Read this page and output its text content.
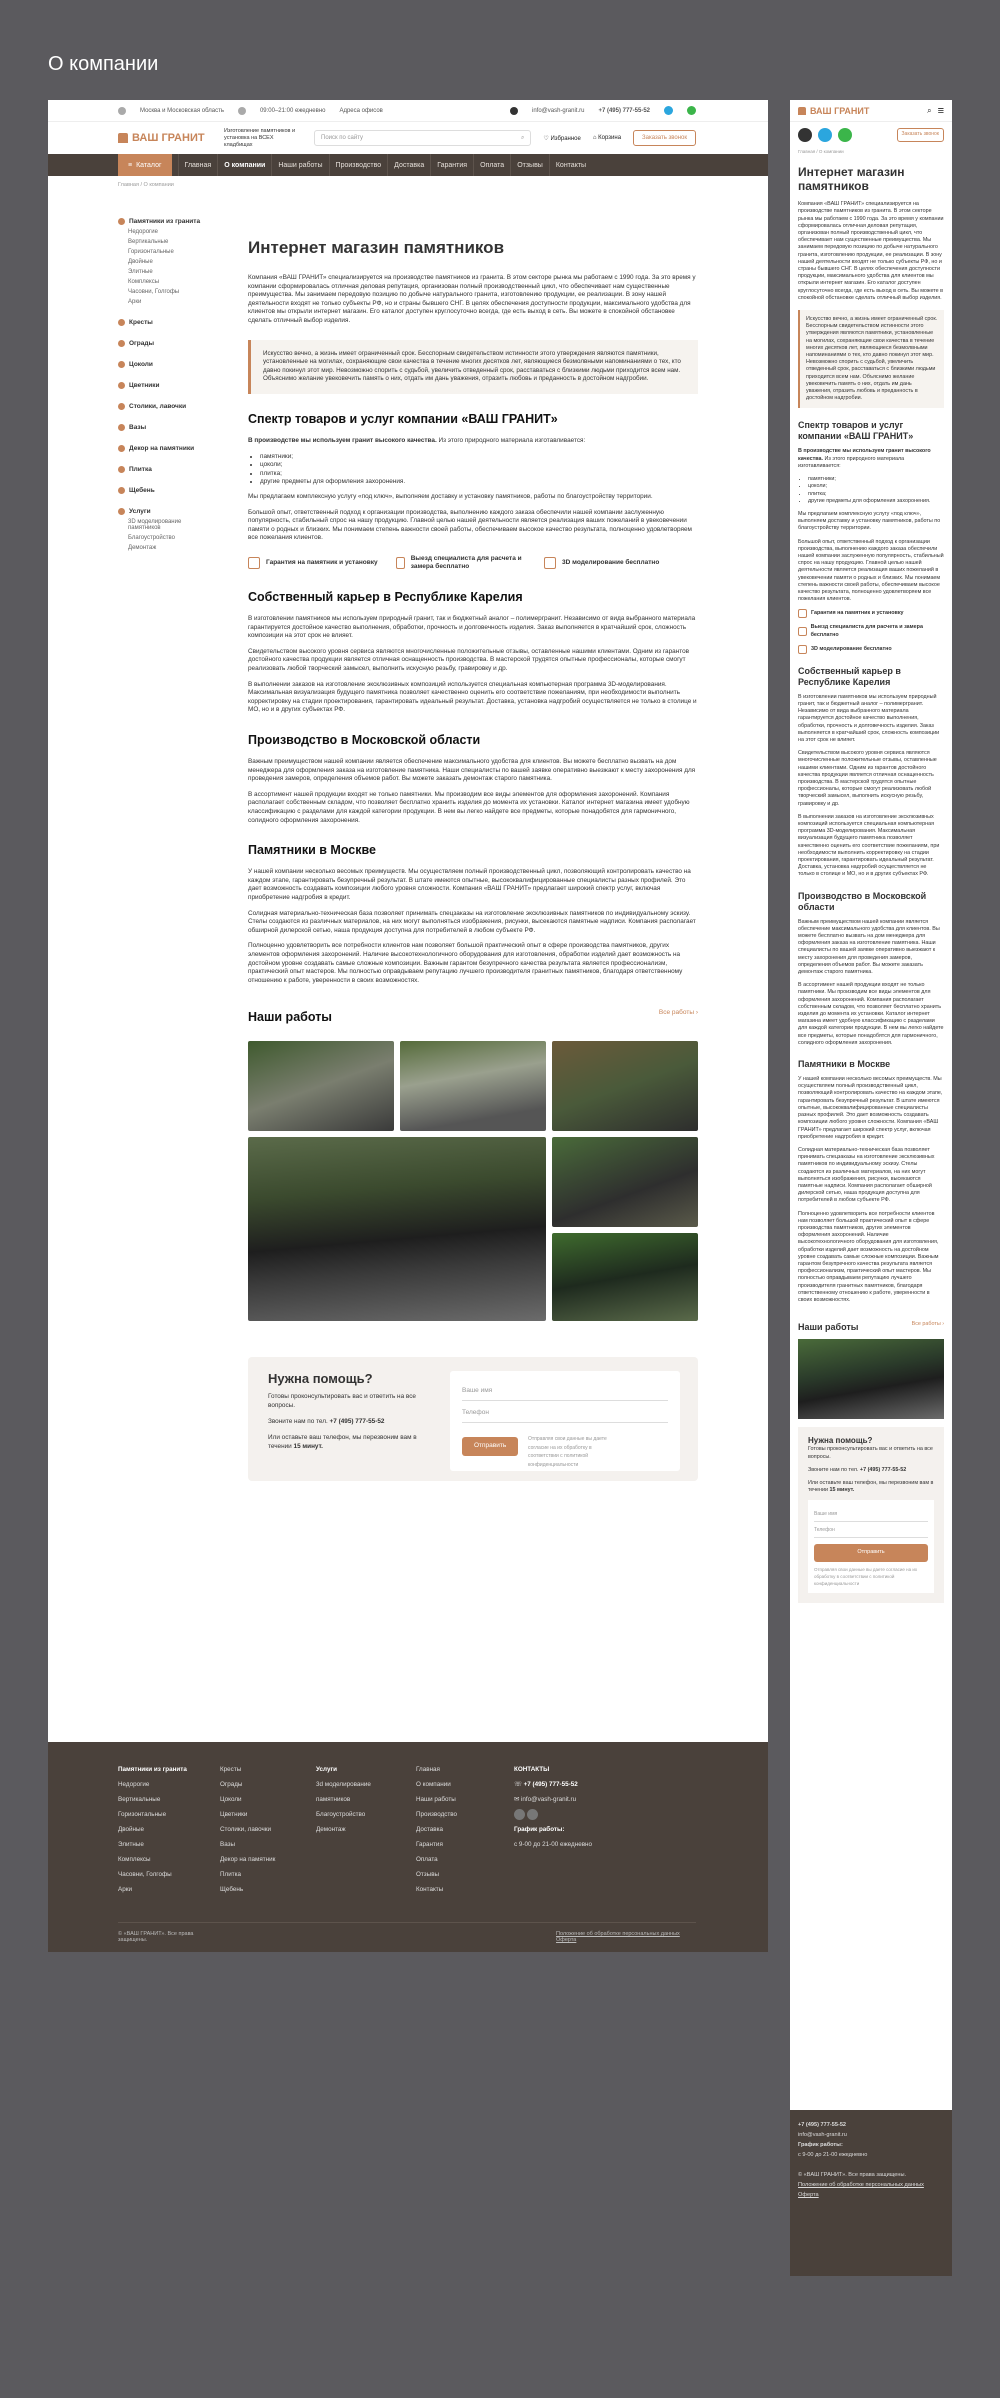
О компании
Москва и Московская область	09:00–21:00 ежедневно Адреса офисов	info@vash-granit.ru +7 (495) 777-55-52
ВАШ ГРАНИТ
Изготовление памятников и установка на ВСЕХ кладбищах
Поиск по сайту	⌕	♡ Избранное ⌂ Корзина	Заказать звонок
≡ Каталог	Главная	О компании	Наши работы	Производство	Доставка	Гарантия	Оплата	Отзывы	Контакты
Главная / О компании
Памятники из гранита
Недорогие
Вертикальные
Горизонтальные
Двойные
Элитные
Комплексы
Часовни, Голгофы
Арки
Кресты
Ограды
Цоколи
Цветники
Столики, лавочки
Вазы
Декор на памятники
Плитка
Щебень
Услуги
3D моделирование памятников
Благоустройство
Демонтаж
Интернет магазин памятников

Компания «ВАШ ГРАНИТ» специализируется на производстве памятников из гранита. В этом секторе рынка мы работаем с 1990 года. За это время у компании сформировалась отличная деловая репутация, организован полный производственный цикл, что обеспечивает нам существенные преимущества. Мы занимаем передовую позицию по добыче натурального гранита, изготовлению продукции, ее реализации. В зону нашей деятельности входят не только субъекты РФ, но и страны бывшего СНГ. В целях обеспечения доступности продукции, максимального удобства для клиентов мы открыли интернет магазин. Его каталог доступен круглосуточно всегда, где есть выход в сеть. Вы можете в спокойной обстановке сделать отличный выбор изделия.

Искусство вечно, а жизнь имеет ограниченный срок. Бесспорным свидетельством истинности этого утверждения являются памятники, установленные на могилах, сохраняющие свои качества в течение многих десятков лет, являющиеся безмолвными напоминаниями о тех, кто давно покинул этот мир. Невозможно спорить с судьбой, увеличить отведенный срок, расставаться с близкими людьми приходится всем нам. Объяснимо желание увековечить память о них, отдать им дань уважения, отразить любовь и преданность в достойном надгробии.
Спектр товаров и услуг компании «ВАШ ГРАНИТ»

В производстве мы используем гранит высокого качества. Из этого природного материала изготавливается:

• памятники;
• цоколи;
• плитка;
• другие предметы для оформления захоронения.

Мы предлагаем комплексную услугу «под ключ», выполняем доставку и установку памятников, работы по благоустройству территории.

Большой опыт, ответственный подход к организации производства, выполнению каждого заказа обеспечили нашей компании заслуженную популярность, стабильный спрос на нашу продукцию. Главной целью нашей деятельности является реализация ваших пожеланий в увековечении памяти о родных и близких. Мы понимаем степень важности своей работы, обеспечиваем высокое качество результата, полноценно удовлетворяем все пожелания клиентов.

Гарантия на памятник и установку
Выезд специалиста для расчета и замера бесплатно
3D моделирование бесплатно
Собственный карьер в Республике Карелия

В изготовлении памятников мы используем природный гранит, так и бюджетный аналог – полимергранит. Независимо от вида выбранного материала гарантируется достойное качество выполнения, обработки, прочность и долговечность изделия. Заказ выполняется в кратчайший срок, сложность композиции на этот срок не влияет.

Свидетельством высокого уровня сервиса являются многочисленные положительные отзывы, оставленные нашими клиентами. Одним из гарантов достойного качества продукции является отличная оснащенность производства. В мастерской трудятся опытные профессионалы, которые смогут реализовать любой творческий замысел, выполнить искусную резьбу, гравировку и др.

В выполнении заказов на изготовление эксклюзивных композиций используется специальная компьютерная программа 3D-моделирования. Максимальная визуализация будущего памятника позволяет качественно оценить его соответствие пожеланиям, при необходимости выполнить корректировку на стадии проектирования, гарантировать идеальный результат. Доставка, установка надгробий осуществляется не только в столице и МО, но и в других субъектах РФ.

Производство в Московской области

Важным преимуществом нашей компании является обеспечение максимального удобства для клиентов. Вы можете бесплатно вызвать на дом менеджера для оформления заказа на изготовление памятника. Наши специалисты по вашей заявке оперативно выезжают к месту захоронения для проведения замеров, определения объемов работ. Вы можете заказать демонтаж старого памятника.

В ассортимент нашей продукции входят не только памятники. Мы производим все виды элементов для оформления захоронений. Компания располагает собственным складом, что позволяет бесплатно хранить изделия до момента их установки. Каталог интернет магазина имеет удобную классификацию с разделами для каждой категории продукции. В нем вы легко найдете все предметы, которые понадобятся для гармоничного, солидного оформления захоронения.

Памятники в Москве

У нашей компании несколько весомых преимуществ. Мы осуществляем полный производственный цикл, позволяющий контролировать качество на каждом этапе, гарантировать безупречный результат. В штате имеются опытные, высококвалифицированные специалисты разных профилей. Это дает возможность создавать композиции любого уровня сложности. Компания «ВАШ ГРАНИТ» предлагает широкий спектр услуг, включая приобретение надгробия в кредит.

Солидная материально-техническая база позволяет принимать спецзаказы на изготовление эксклюзивных памятников по индивидуальному эскизу. Стелы создаются из различных материалов, на них могут выполняться изображения, рисунки, высекаются памятные надписи. Компания располагает обширной дилерской сетью, наша продукция доступна для потребителей в любом субъекте РФ.

Полноценно удовлетворить все потребности клиентов нам позволяет большой практический опыт в сфере производства памятников, других элементов оформления захоронений. Наличие высокотехнологичного оборудования для изготовления, обработки изделий дает возможность на достойном уровне создавать самые сложные композиции. Важным гарантом безупречного качества результата является профессионализм, практический опыт мастеров. Мы полностью оправдываем репутацию лучшего производителя гранитных памятников, благодаря ответственному отношению к работе, уверенности в своих возможностях.

Наши работы	Все работы ›
Нужна помощь?

Готовы проконсультировать вас и ответить на все вопросы.

Звоните нам по тел. +7 (495) 777-55-52

Или оставьте ваш телефон, мы перезвоним вам в течении 15 минут.

Ваше имя
Телефон
Отправить Отправляя свои данные вы даете согласие на их обработку в соответствии с политикой конфиденциальности
Памятники из гранита
Недорогие
Вертикальные
Горизонтальные
Двойные
Элитные
Комплексы
Часовни, Голгофы
Арки
Кресты
Ограды
Цоколи
Цветники
Столики, лавочки
Вазы
Декор на памятник
Плитка
Щебень
Услуги
3d моделирование памятников
Благоустройство
Демонтаж
Главная
О компании
Наши работы
Производство
Доставка
Гарантия
Оплата
Отзывы
Контакты
КОНТАКТЫ
☏ +7 (495) 777-55-52
✉ info@vash-granit.ru

График работы:
с 9-00 до 21-00 ежедневно
© «ВАШ ГРАНИТ». Все права защищены.
Положение об обработке персональных данных     Оферта
ВАШ ГРАНИТ	⌕ ≡
Заказать звонок
Главная / О компании
Интернет магазин памятников

Компания «ВАШ ГРАНИТ» специализируется на производстве памятников из гранита. В этом секторе рынка мы работаем с 1990 года. За это время у компании сформировалась отличная деловая репутация, организован полный производственный цикл, что обеспечивает нам существенные преимущества. Мы занимаем передовую позицию по добыче натурального гранита, изготовлению продукции, ее реализации. В зону нашей деятельности входят не только субъекты РФ, но и страны бывшего СНГ. В целях обеспечения доступности продукции, максимального удобства для клиентов мы открыли интернет магазин. Его каталог доступен круглосуточно всегда, где есть выход в сеть. Вы можете в спокойной обстановке сделать отличный выбор изделия.

Искусство вечно, а жизнь имеет ограниченный срок. Бесспорным свидетельством истинности этого утверждения являются памятники, установленные на могилах, сохраняющие свои качества в течение многих десятков лет, являющиеся безмолвными напоминаниями о тех, кто давно покинул этот мир. Невозможно спорить с судьбой, увеличить отведенный срок, расставаться с близкими людьми приходится всем нам. Объяснимо желание увековечить память о них, отдать им дань уважения, отразить любовь и преданность в достойном надгробии.
Спектр товаров и услуг компании «ВАШ ГРАНИТ»

В производстве мы используем гранит высокого качества. Из этого природного материала изготавливается:

• памятники;
• цоколи;
• плитка;
• другие предметы для оформления захоронения.

Мы предлагаем комплексную услугу «под ключ», выполняем доставку и установку памятников, работы по благоустройству территории.

Большой опыт, ответственный подход к организации производства, выполнению каждого заказа обеспечили нашей компании заслуженную популярность, стабильный спрос на нашу продукцию. Главной целью нашей деятельности является реализация ваших пожеланий в увековечении памяти о родных и близких. Мы понимаем степень важности своей работы, обеспечиваем высокое качество результата, полноценно удовлетворяем все пожелания клиентов.

Гарантия на памятник и установку
Выезд специалиста для расчета и замера бесплатно
3D моделирование бесплатно
Собственный карьер в Республике Карелия

В изготовлении памятников мы используем природный гранит, так и бюджетный аналог – полимергранит. Независимо от вида выбранного материала гарантируется достойное качество выполнения, обработки, прочность и долговечность изделия. Заказ выполняется в кратчайший срок, сложность композиции на этот срок не влияет.

Свидетельством высокого уровня сервиса являются многочисленные положительные отзывы, оставленные нашими клиентами. Одним из гарантов достойного качества продукции является отличная оснащенность производства. В мастерской трудятся опытные профессионалы, которые смогут реализовать любой творческий замысел, выполнить искусную резьбу, гравировку и др.

В выполнении заказов на изготовление эксклюзивных композиций используется специальная компьютерная программа 3D-моделирования. Максимальная визуализация будущего памятника позволяет качественно оценить его соответствие пожеланиям, при необходимости выполнить корректировку на стадии проектирования, гарантировать идеальный результат. Доставка, установка надгробий осуществляется не только в столице и МО, но и в других субъектах РФ.

Производство в Московской области

Важным преимуществом нашей компании является обеспечение максимального удобства для клиентов. Вы можете бесплатно вызвать на дом менеджера для оформления заказа на изготовление памятника. Наши специалисты по вашей заявке оперативно выезжают к месту захоронения для проведения замеров, определения объемов работ. Вы можете заказать демонтаж старого памятника.

В ассортимент нашей продукции входят не только памятники. Мы производим все виды элементов для оформления захоронений. Компания располагает собственным складом, что позволяет бесплатно хранить изделия до момента их установки. Каталог интернет магазина имеет удобную классификацию с разделами для каждой категории продукции. В нем вы легко найдете все предметы, которые понадобятся для гармоничного, солидного оформления захоронения.

Памятники в Москве

У нашей компании несколько весомых преимуществ. Мы осуществляем полный производственный цикл, позволяющий контролировать качество на каждом этапе, гарантировать безупречный результат. В штате имеются опытные, высококвалифицированные специалисты разных профилей. Это дает возможность создавать композиции любого уровня сложности. Компания «ВАШ ГРАНИТ» предлагает широкий спектр услуг, включая приобретение надгробия в кредит.

Солидная материально-техническая база позволяет принимать спецзаказы на изготовление эксклюзивных памятников по индивидуальному эскизу. Стелы создаются из различных материалов, на них могут выполняться изображения, рисунки, высекаются памятные надписи. Компания располагает обширной дилерской сетью, наша продукция доступна для потребителей в любом субъекте РФ.

Полноценно удовлетворить все потребности клиентов нам позволяет большой практический опыт в сфере производства памятников, других элементов оформления захоронений. Наличие высокотехнологичного оборудования для изготовления, обработки изделий дает возможность на достойном уровне создавать самые сложные композиции. Важным гарантом безупречного качества результата является профессионализм, практический опыт мастеров. Мы полностью оправдываем репутацию лучшего производителя гранитных памятников, благодаря ответственному отношению к работе, уверенности в своих возможностях.

Наши работы	Все работы ›
Нужна помощь?

Готовы проконсультировать вас и ответить на все вопросы.

Звоните нам по тел. +7 (495) 777-55-52

Или оставьте ваш телефон, мы перезвоним вам в течении 15 минут.

Ваше имя
Телефон
Отправить
Отправляя свои данные вы даете согласие на их обработку в соответствии с политикой конфиденциальности
+7 (495) 777-55-52
info@vash-granit.ru
График работы:
с 9-00 до 21-00 ежедневно

© «ВАШ ГРАНИТ». Все права защищены.
Положение об обработке персональных данных
Оферта
